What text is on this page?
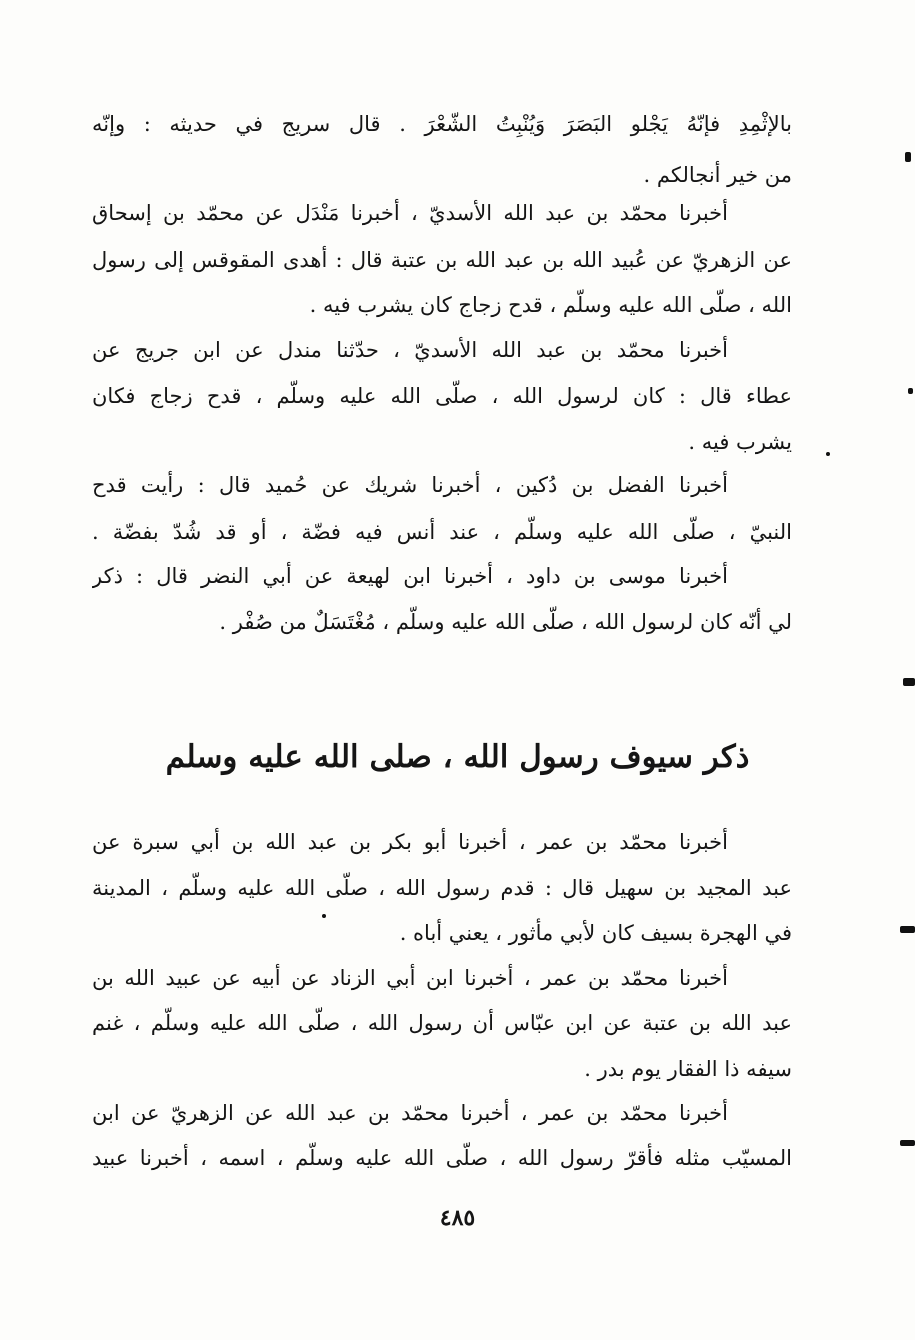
بالإثْمِدِ فإنّهُ يَجْلو البَصَرَ وَيُنْبِتُ الشّعْرَ . قال سريج في حديثه : وإنّه
من خير أنجالكم .
أخبرنا محمّد بن عبد الله الأسديّ ، أخبرنا مَنْدَل عن محمّد بن إسحاق
عن الزهريّ عن عُبيد الله بن عبد الله بن عتبة قال : أهدى المقوقس إلى رسول
الله ، صلّى الله عليه وسلّم ، قدح زجاج كان يشرب فيه .
أخبرنا محمّد بن عبد الله الأسديّ ، حدّثنا مندل عن ابن جريج عن
عطاء قال : كان لرسول الله ، صلّى الله عليه وسلّم ، قدح زجاج فكان
يشرب فيه .
أخبرنا الفضل بن دُكين ، أخبرنا شريك عن حُميد قال : رأيت قدح
النبيّ ، صلّى الله عليه وسلّم ، عند أنس فيه فضّة ، أو قد شُدّ بفضّة .
أخبرنا موسى بن داود ، أخبرنا ابن لهيعة عن أبي النضر قال : ذكر
لي أنّه كان لرسول الله ، صلّى الله عليه وسلّم ، مُغْتَسَلٌ من صُفْر .
ذكر سيوف رسول الله ، صلى الله عليه وسلم
أخبرنا محمّد بن عمر ، أخبرنا أبو بكر بن عبد الله بن أبي سبرة عن
عبد المجيد بن سهيل قال : قدم رسول الله ، صلّى الله عليه وسلّم ، المدينة
في الهجرة بسيف كان لأبي مأثور ، يعني أباه .
أخبرنا محمّد بن عمر ، أخبرنا ابن أبي الزناد عن أبيه عن عبيد الله بن
عبد الله بن عتبة عن ابن عبّاس أن رسول الله ، صلّى الله عليه وسلّم ، غنم
سيفه ذا الفقار يوم بدر .
أخبرنا محمّد بن عمر ، أخبرنا محمّد بن عبد الله عن الزهريّ عن ابن
المسيّب مثله فأقرّ رسول الله ، صلّى الله عليه وسلّم ، اسمه ، أخبرنا عبيد
٤٨٥
